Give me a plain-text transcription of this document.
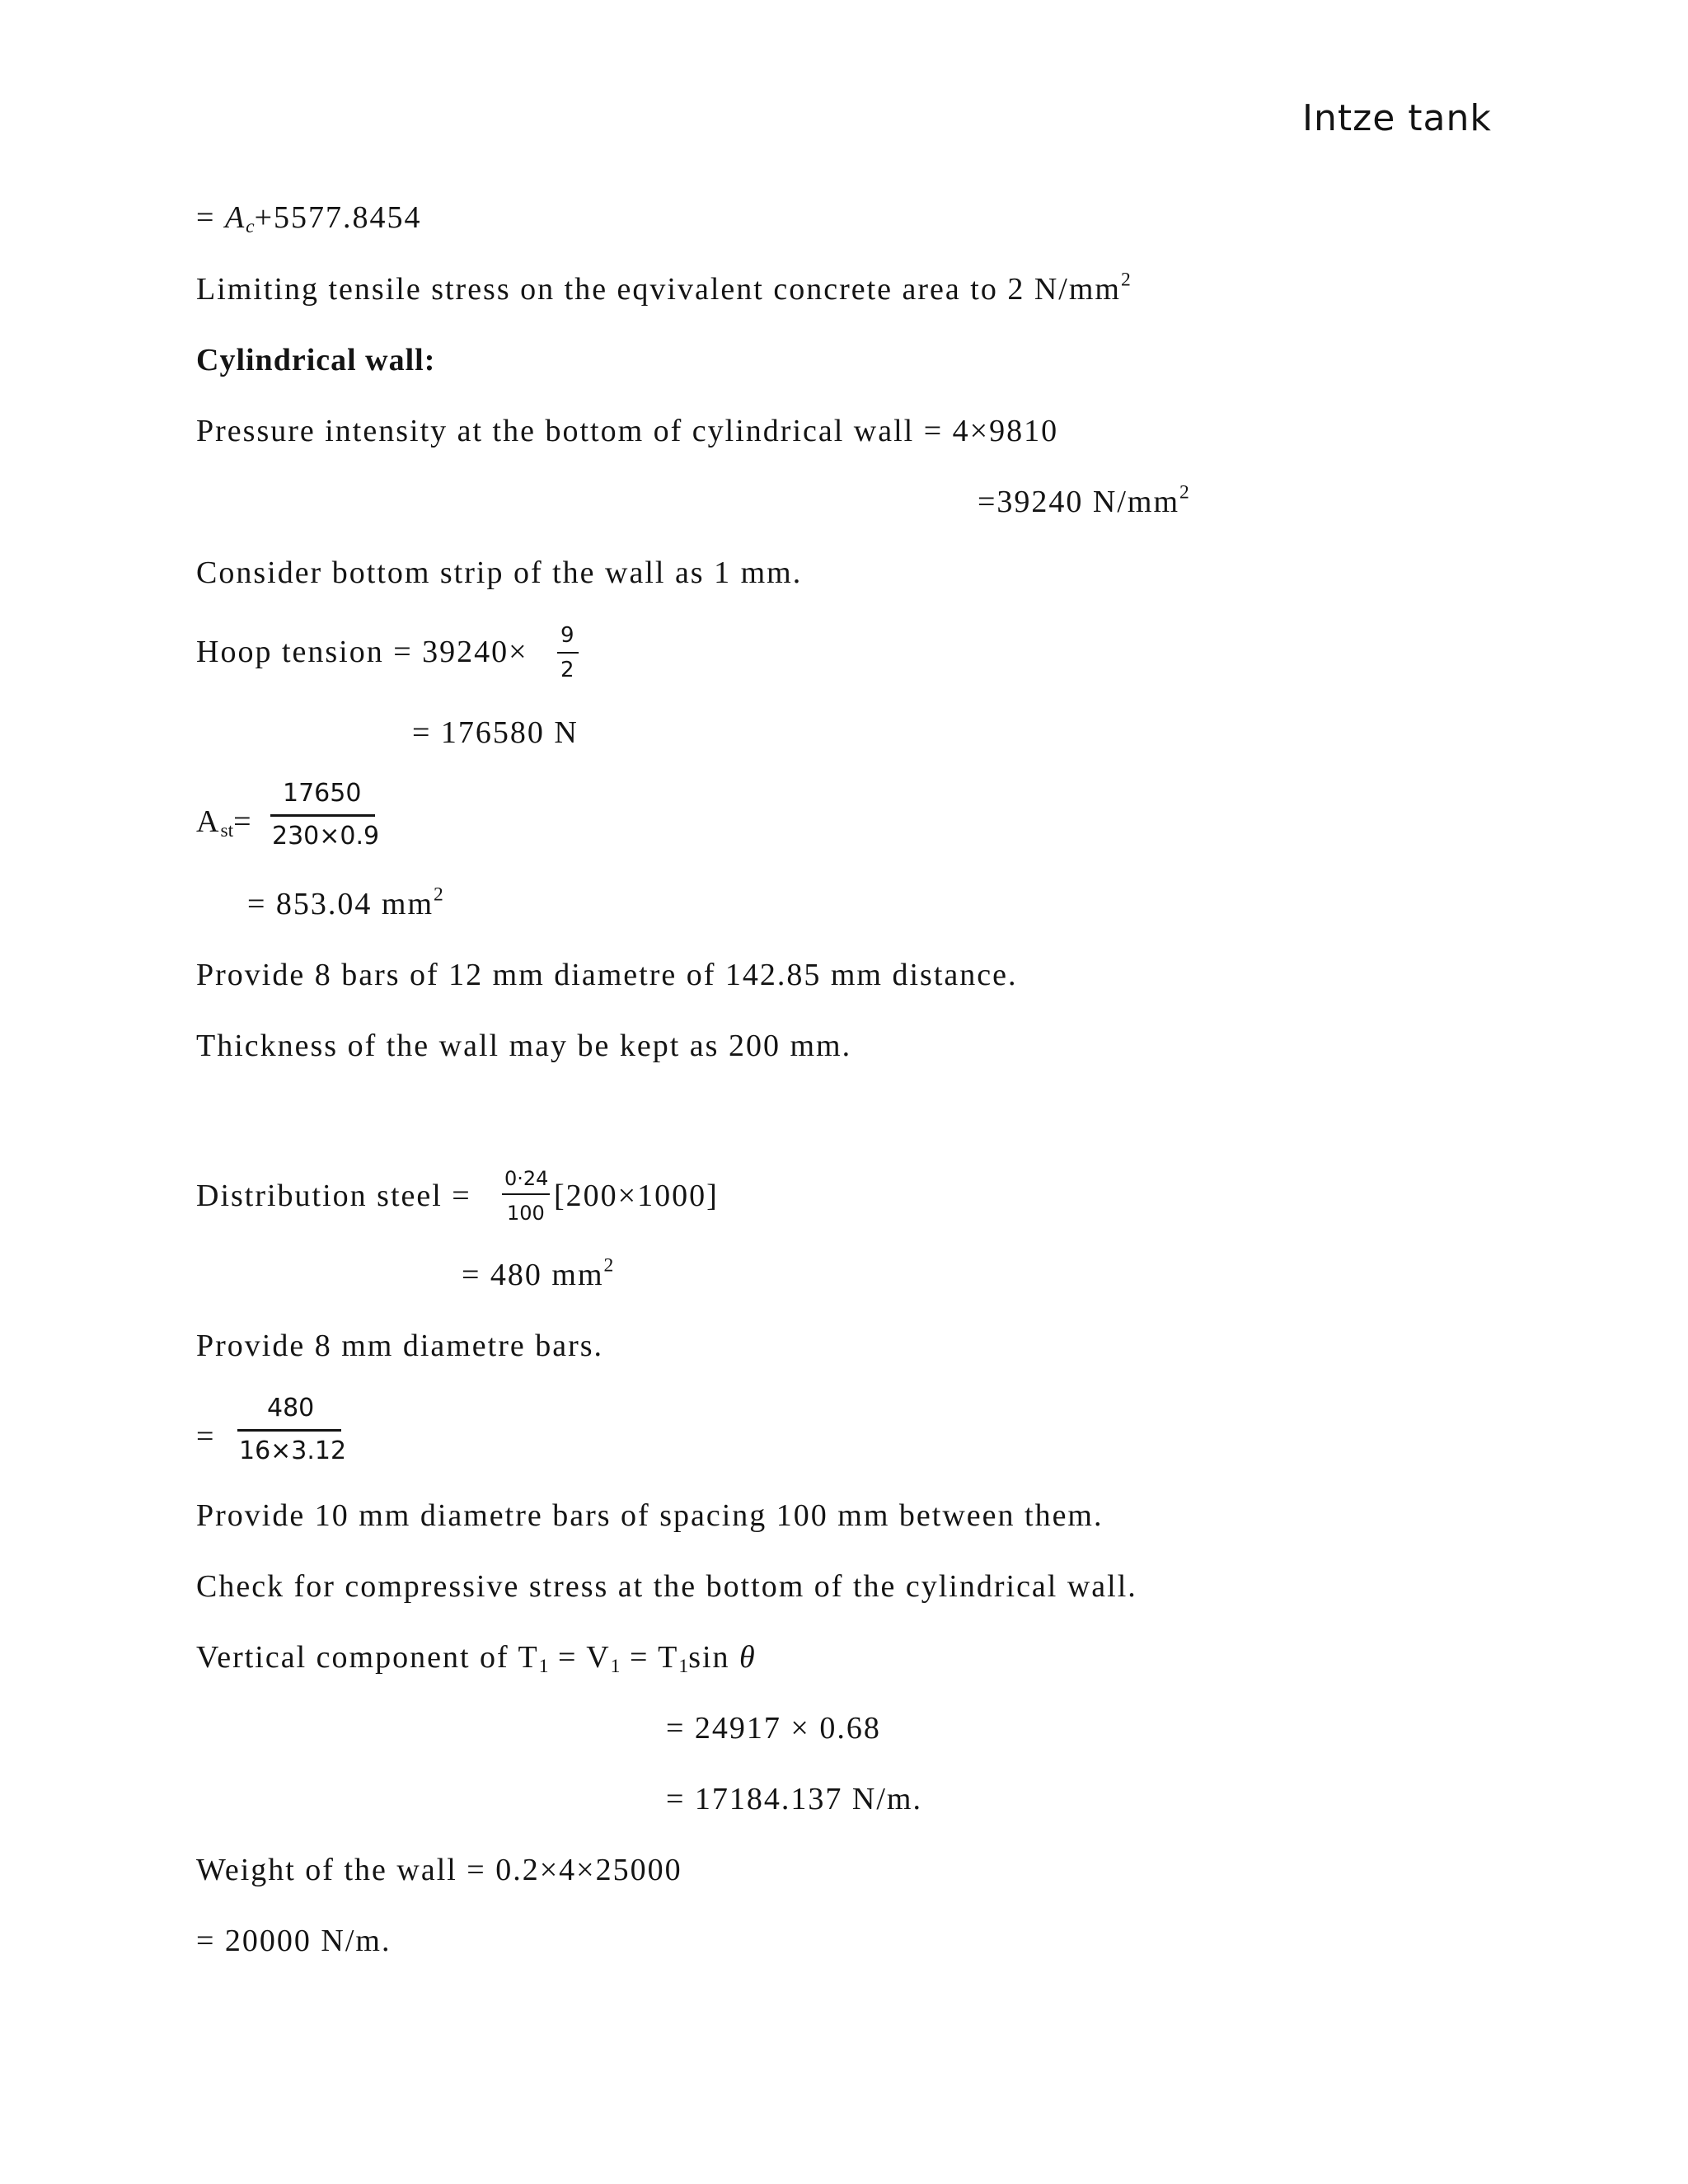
Intze tank
= $A_c+5577.8454$
Limiting tensile stress on the eqvivalent concrete area to 2 $N/mm^2$
Cylindrical wall:
Pressure intensity at the bottom of cylindrical wall = 4×9810
=39240 $N/mm^2$
Consider bottom strip of the wall as 1 mm.
Hoop tension = 39240× 9
2
= 176580 N
$A_{st}=$
17650
230×0.9
= 853.04 $mm^2$
Provide 8 bars of 12 mm diametre of 142.85 mm distance.
Thickness of the wall may be kept as 200 mm.
Distribution steel = 0·24
100 [200×1000]
= 480 $mm^2$
Provide 8 mm diametre bars.
=
480
16×3.12
Provide 10 mm diametre bars of spacing 100 mm between them.
Check for compressive stress at the bottom of the cylindrical wall.
Vertical component of $T_1 = V_1 = T_1\sin$ θ
= 24917 × 0.68
= 17184.137 N/m.
Weight of the wall = 0.2×4×25000
= 20000 N/m.
